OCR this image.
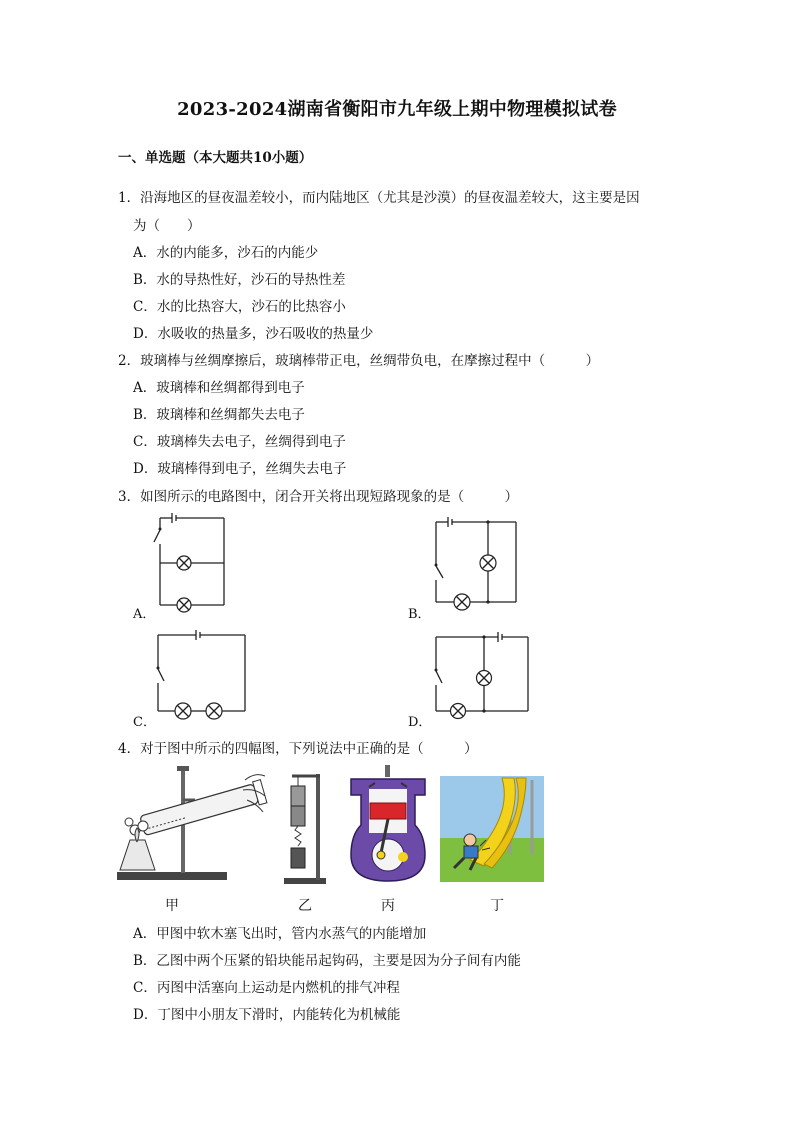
2023-2024湖南省衡阳市九年级上期中物理模拟试卷
一、单选题（本大题共10小题）
1．沿海地区的昼夜温差较小，而内陆地区（尤其是沙漠）的昼夜温差较大，这主要是因
为（　　）
A．水的内能多，沙石的内能少
B．水的导热性好，沙石的导热性差
C．水的比热容大，沙石的比热容小
D．水吸收的热量多，沙石吸收的热量少
2．玻璃棒与丝绸摩擦后，玻璃棒带正电，丝绸带负电，在摩擦过程中（　　　）
A．玻璃棒和丝绸都得到电子
B．玻璃棒和丝绸都失去电子
C．玻璃棒失去电子，丝绸得到电子
D．玻璃棒得到电子，丝绸失去电子
3．如图所示的电路图中，闭合开关将出现短路现象的是（　　　）
A．	B．
C．	D．
4．对于图中所示的四幅图，下列说法中正确的是（　　　）
甲	乙	丙	丁
A．甲图中软木塞飞出时，管内水蒸气的内能增加
B．乙图中两个压紧的铅块能吊起钩码，主要是因为分子间有内能
C．丙图中活塞向上运动是内燃机的排气冲程
D．丁图中小朋友下滑时，内能转化为机械能
